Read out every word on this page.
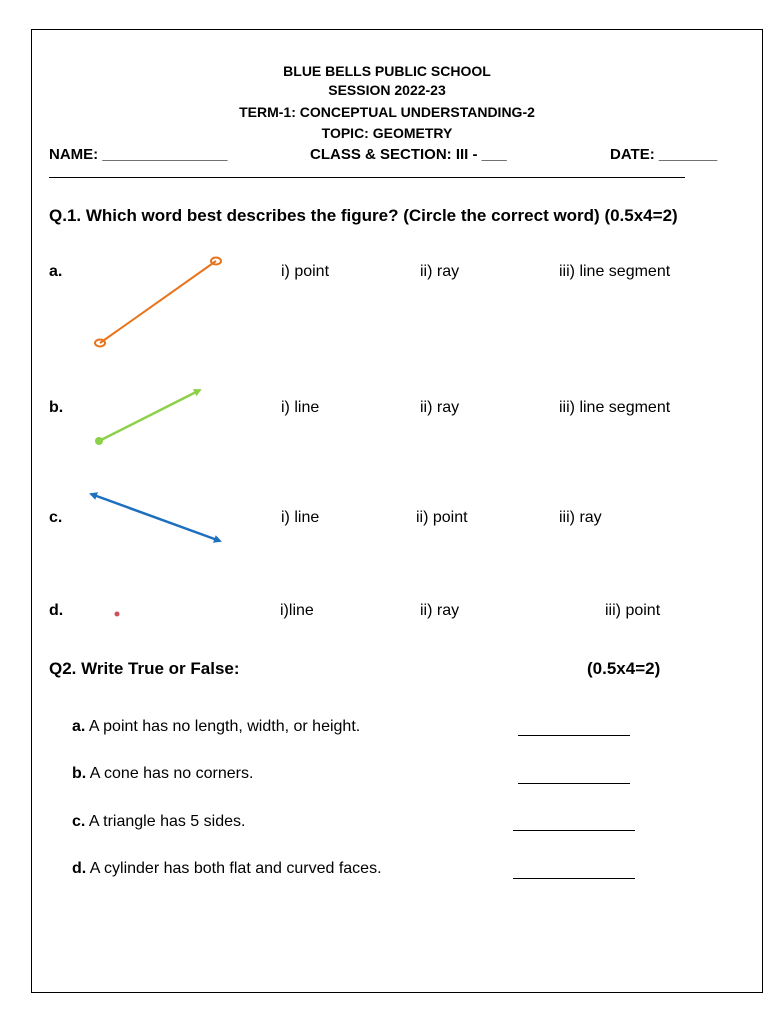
BLUE BELLS PUBLIC SCHOOL
SESSION 2022-23
TERM-1: CONCEPTUAL UNDERSTANDING-2
TOPIC: GEOMETRY
NAME: _______________	CLASS & SECTION: III - ___	DATE: _______
Q.1. Which word best describes the figure? (Circle the correct word) (0.5x4=2)
a.	i) point	ii) ray	iii) line segment
b.	i) line	ii) ray	iii) line segment
c.	i) line	ii) point	iii) ray
d.	i)line	ii) ray	iii) point
Q2. Write True or False:	(0.5x4=2)
a. A point has no length, width, or height.
b. A cone has no corners.
c. A triangle has 5 sides.
d. A cylinder has both flat and curved faces.
